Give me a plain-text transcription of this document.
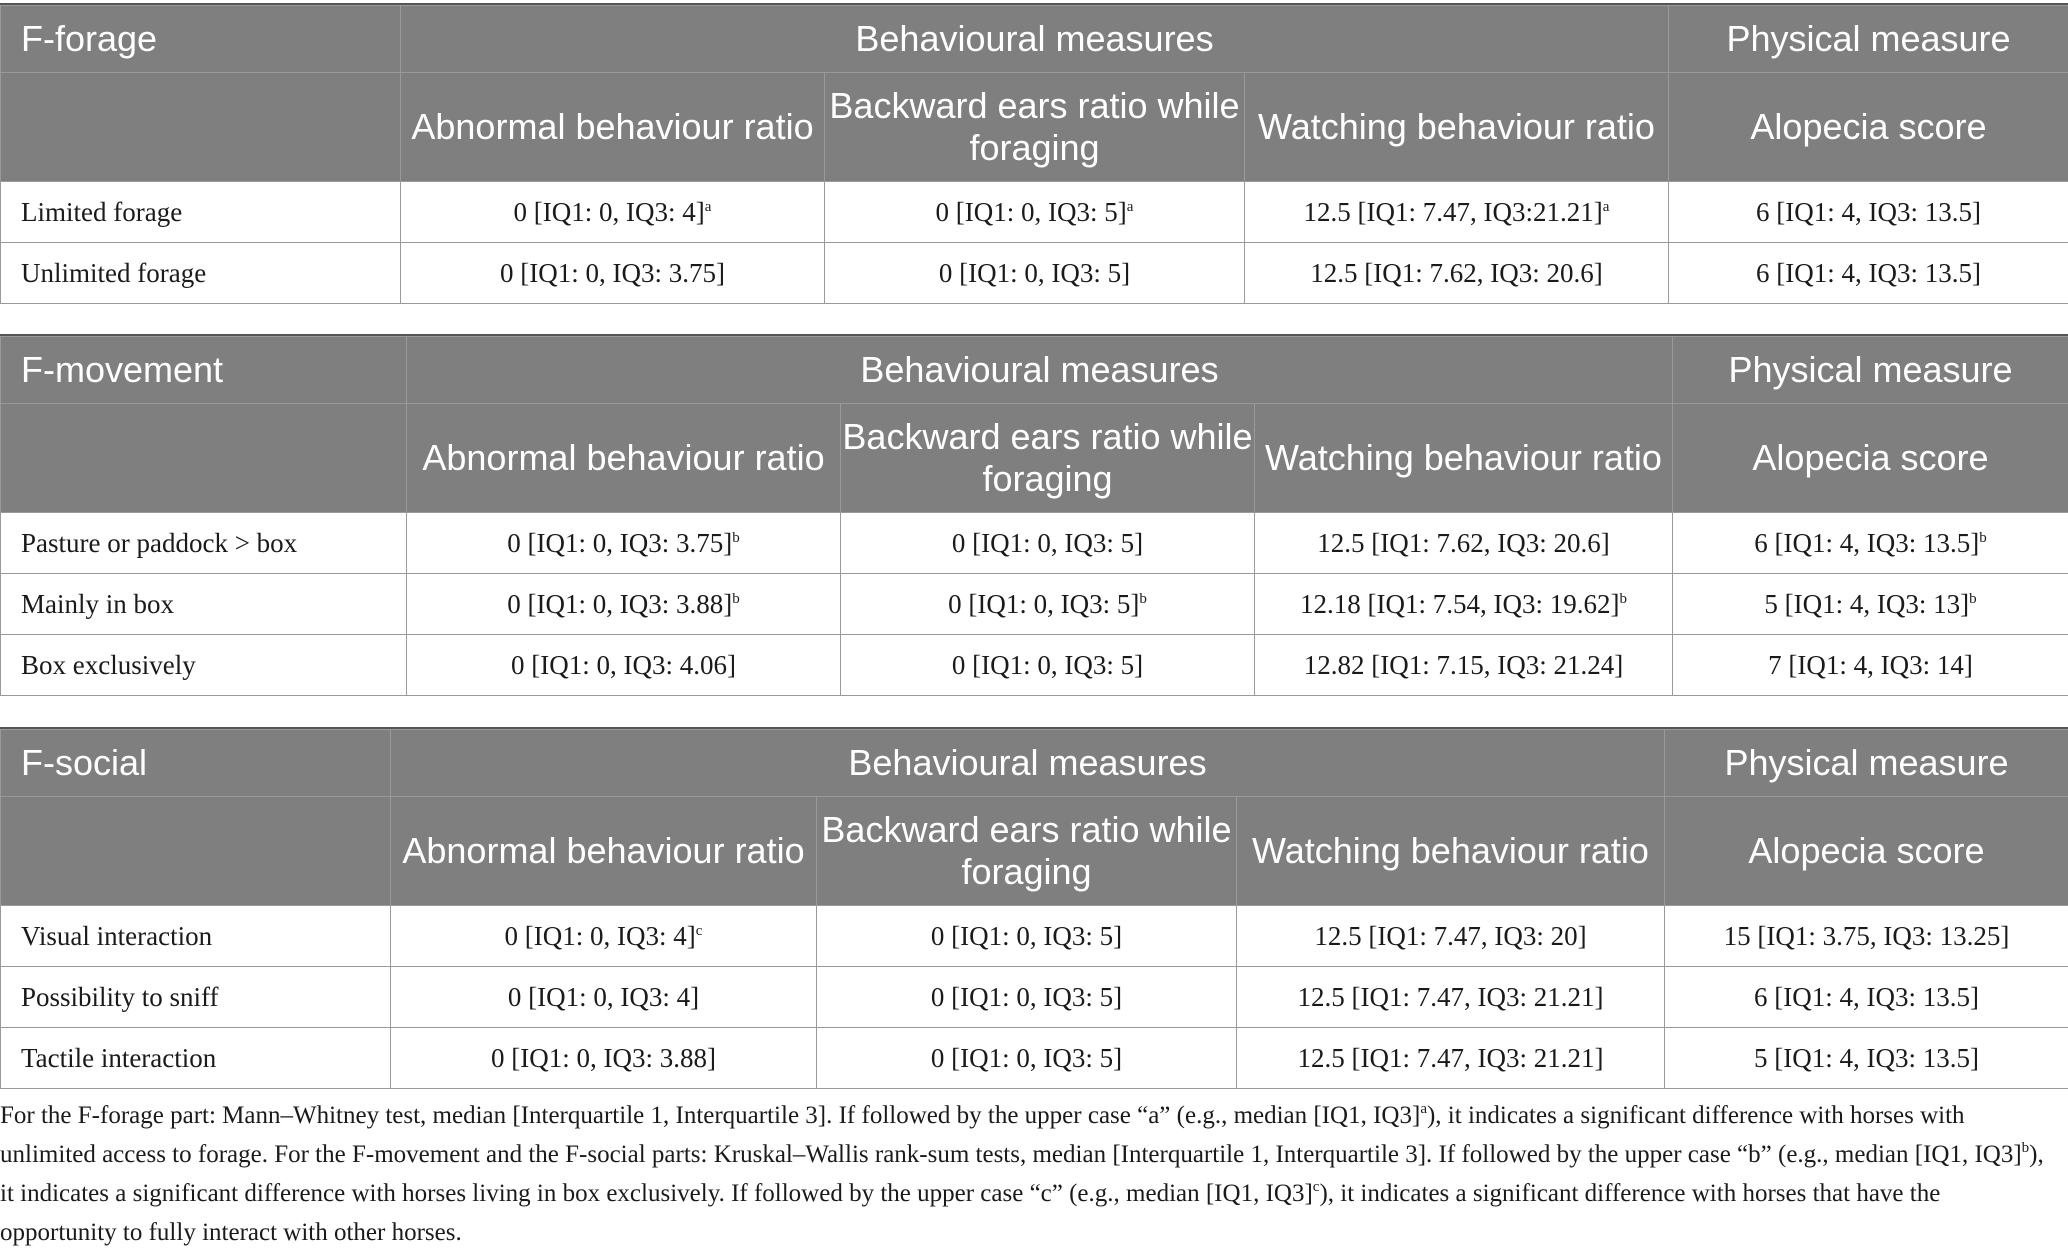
F-forage	Behavioural measures			Physical measure
	Abnormal behaviour ratio	Backward ears ratio while foraging	Watching behaviour ratio	Alopecia score
Limited forage	0 [IQ1: 0, IQ3: 4]$^a$	0 [IQ1: 0, IQ3: 5]$^a$	12.5 [IQ1: 7.47, IQ3:21.21]$^a$	6 [IQ1: 4, IQ3: 13.5]
Unlimited forage	0 [IQ1: 0, IQ3: 3.75]	0 [IQ1: 0, IQ3: 5]	12.5 [IQ1: 7.62, IQ3: 20.6]	6 [IQ1: 4, IQ3: 13.5]
F-movement	Behavioural measures			Physical measure
	Abnormal behaviour ratio	Backward ears ratio while foraging	Watching behaviour ratio	Alopecia score
Pasture or paddock > box	0 [IQ1: 0, IQ3: 3.75]$^b$	0 [IQ1: 0, IQ3: 5]	12.5 [IQ1: 7.62, IQ3: 20.6]	6 [IQ1: 4, IQ3: 13.5]$^b$
Mainly in box	0 [IQ1: 0, IQ3: 3.88]$^b$	0 [IQ1: 0, IQ3: 5]$^b$	12.18 [IQ1: 7.54, IQ3: 19.62]$^b$	5 [IQ1: 4, IQ3: 13]$^b$
Box exclusively	0 [IQ1: 0, IQ3: 4.06]	0 [IQ1: 0, IQ3: 5]	12.82 [IQ1: 7.15, IQ3: 21.24]	7 [IQ1: 4, IQ3: 14]
F-social	Behavioural measures			Physical measure
	Abnormal behaviour ratio	Backward ears ratio while foraging	Watching behaviour ratio	Alopecia score
Visual interaction	0 [IQ1: 0, IQ3: 4]$^c$	0 [IQ1: 0, IQ3: 5]	12.5 [IQ1: 7.47, IQ3: 20]	15 [IQ1: 3.75, IQ3: 13.25]
Possibility to sniff	0 [IQ1: 0, IQ3: 4]	0 [IQ1: 0, IQ3: 5]	12.5 [IQ1: 7.47, IQ3: 21.21]	6 [IQ1: 4, IQ3: 13.5]
Tactile interaction	0 [IQ1: 0, IQ3: 3.88]	0 [IQ1: 0, IQ3: 5]	12.5 [IQ1: 7.47, IQ3: 21.21]	5 [IQ1: 4, IQ3: 13.5]

For the F-forage part: Mann–Whitney test, median [Interquartile 1, Interquartile 3]. If followed by the upper case “a” (e.g., median [IQ1, IQ3]$^a$), it indicates a significant difference with horses with unlimited access to forage. For the F-movement and the F-social parts: Kruskal–Wallis rank-sum tests, median [Interquartile 1, Interquartile 3]. If followed by the upper case “b” (e.g., median [IQ1, IQ3]$^b$), it indicates a significant difference with horses living in box exclusively. If followed by the upper case “c” (e.g., median [IQ1, IQ3]$^c$), it indicates a significant difference with horses that have the opportunity to fully interact with other horses.
